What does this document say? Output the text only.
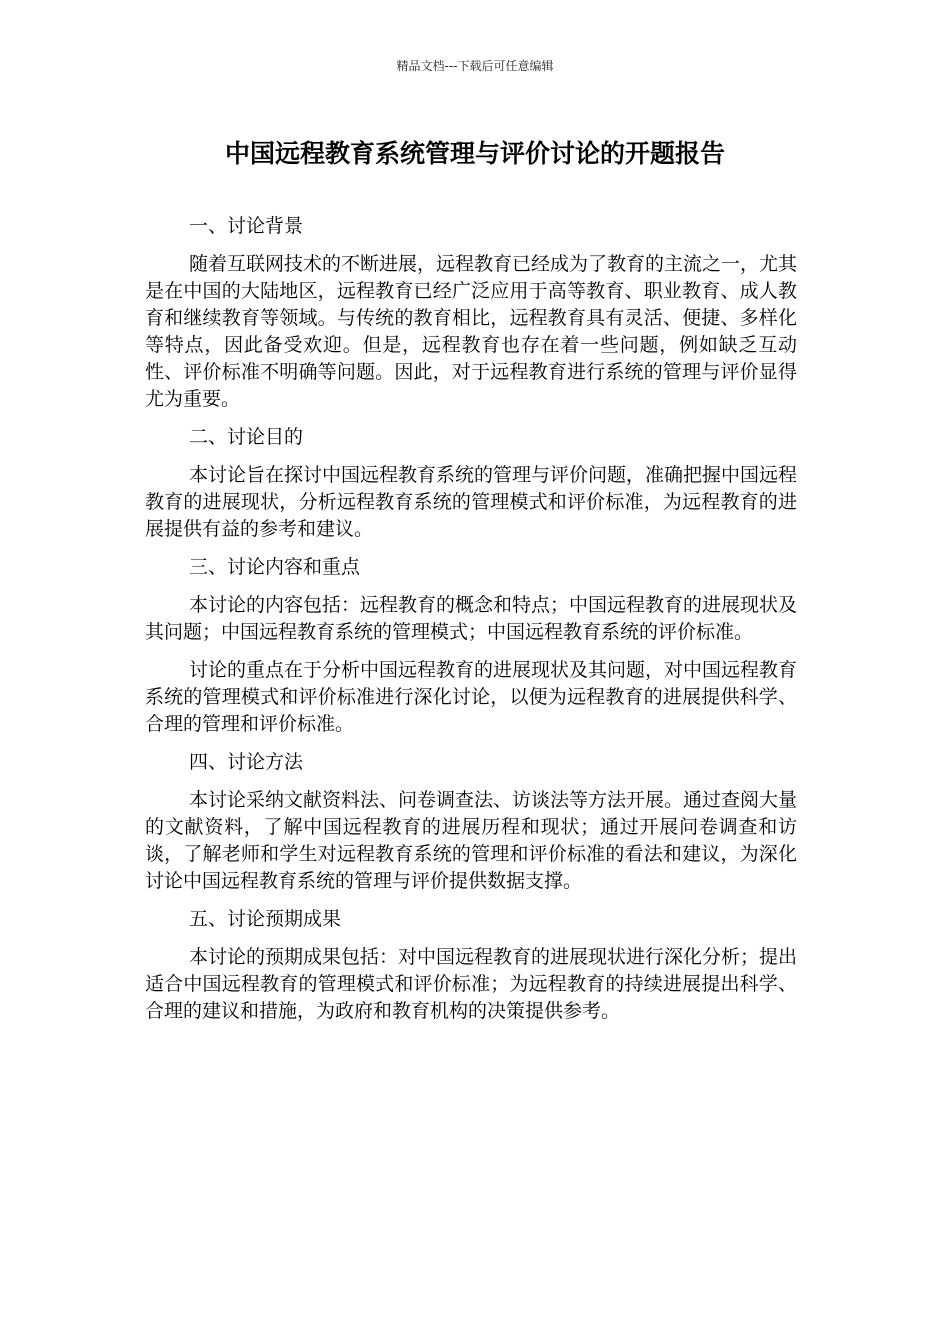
精品文档---下载后可任意编辑
中国远程教育系统管理与评价讨论的开题报告
一、讨论背景

随着互联网技术的不断进展，远程教育已经成为了教育的主流之一，尤其是在中国的大陆地区，远程教育已经广泛应用于高等教育、职业教育、成人教育和继续教育等领域。与传统的教育相比，远程教育具有灵活、便捷、多样化等特点，因此备受欢迎。但是，远程教育也存在着一些问题，例如缺乏互动性、评价标准不明确等问题。因此，对于远程教育进行系统的管理与评价显得尤为重要。

二、讨论目的

本讨论旨在探讨中国远程教育系统的管理与评价问题，准确把握中国远程教育的进展现状，分析远程教育系统的管理模式和评价标准，为远程教育的进展提供有益的参考和建议。

三、讨论内容和重点

本讨论的内容包括：远程教育的概念和特点；中国远程教育的进展现状及其问题；中国远程教育系统的管理模式；中国远程教育系统的评价标准。

讨论的重点在于分析中国远程教育的进展现状及其问题，对中国远程教育系统的管理模式和评价标准进行深化讨论，以便为远程教育的进展提供科学、合理的管理和评价标准。

四、讨论方法

本讨论采纳文献资料法、问卷调查法、访谈法等方法开展。通过查阅大量的文献资料，了解中国远程教育的进展历程和现状；通过开展问卷调查和访谈，了解老师和学生对远程教育系统的管理和评价标准的看法和建议，为深化讨论中国远程教育系统的管理与评价提供数据支撑。

五、讨论预期成果

本讨论的预期成果包括：对中国远程教育的进展现状进行深化分析；提出适合中国远程教育的管理模式和评价标准；为远程教育的持续进展提出科学、合理的建议和措施，为政府和教育机构的决策提供参考。
